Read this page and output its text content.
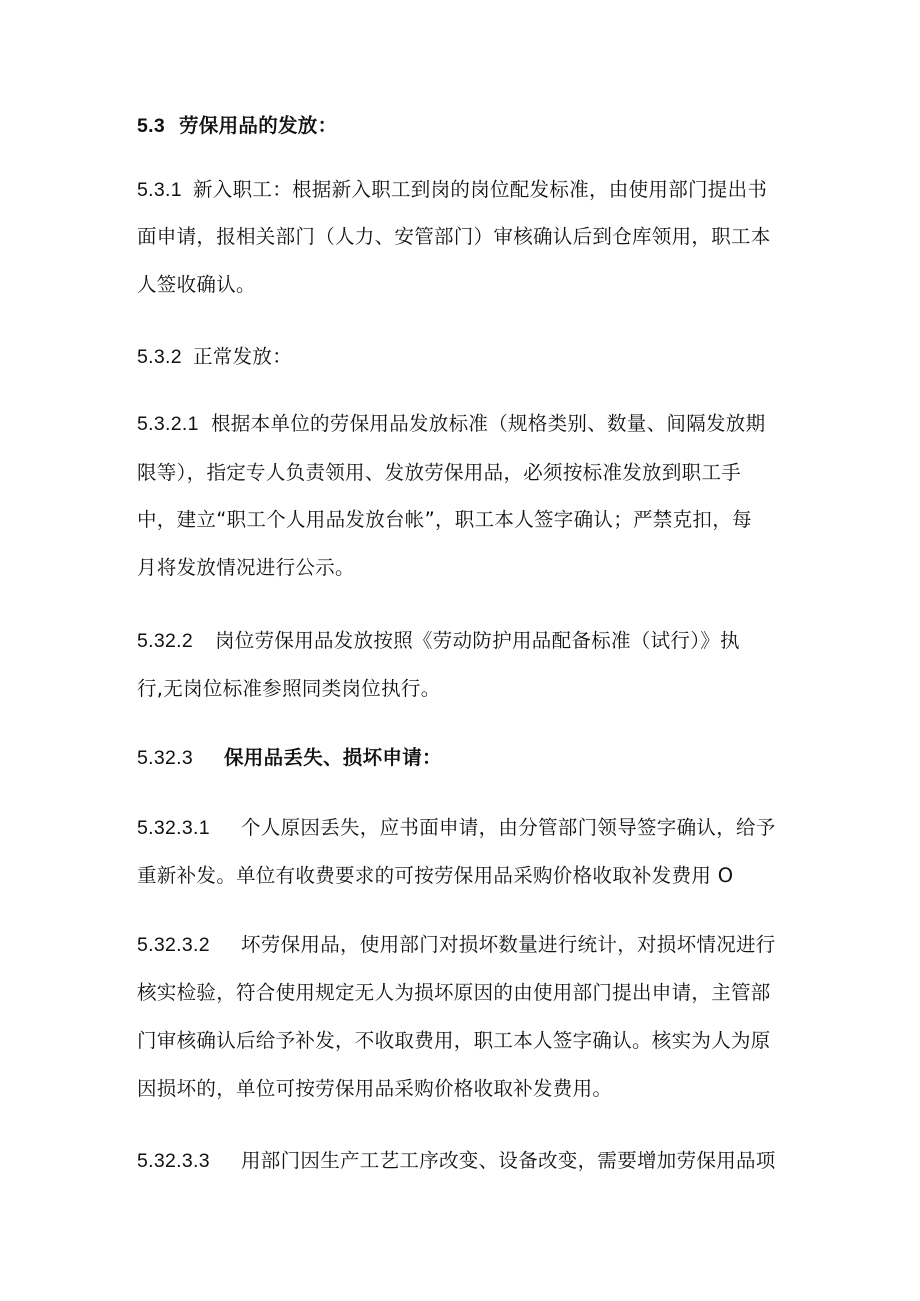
5.3 劳保用品的发放：
5.3.1 新入职工：根据新入职工到岗的岗位配发标准，由使用部门提出书
面申请，报相关部门（人力、安管部门）审核确认后到仓库领用，职工本
人签收确认。
5.3.2 正常发放：
5.3.2.1 根据本单位的劳保用品发放标准（规格类别、数量、间隔发放期
限等），指定专人负责领用、发放劳保用品，必须按标准发放到职工手
中，建立“职工个人用品发放台帐”，职工本人签字确认；严禁克扣，每
月将发放情况进行公示。
5.32.2 岗位劳保用品发放按照《劳动防护用品配备标准（试行）》执
行,无岗位标准参照同类岗位执行。
5.32.3 保用品丢失、损坏申请：
5.32.3.1 个人原因丢失，应书面申请，由分管部门领导签字确认，给予
重新补发。单位有收费要求的可按劳保用品采购价格收取补发费用 O
5.32.3.2 坏劳保用品，使用部门对损坏数量进行统计，对损坏情况进行
核实检验，符合使用规定无人为损坏原因的由使用部门提出申请，主管部
门审核确认后给予补发，不收取费用，职工本人签字确认。核实为人为原
因损坏的，单位可按劳保用品采购价格收取补发费用。
5.32.3.3 用部门因生产工艺工序改变、设备改变，需要增加劳保用品项
